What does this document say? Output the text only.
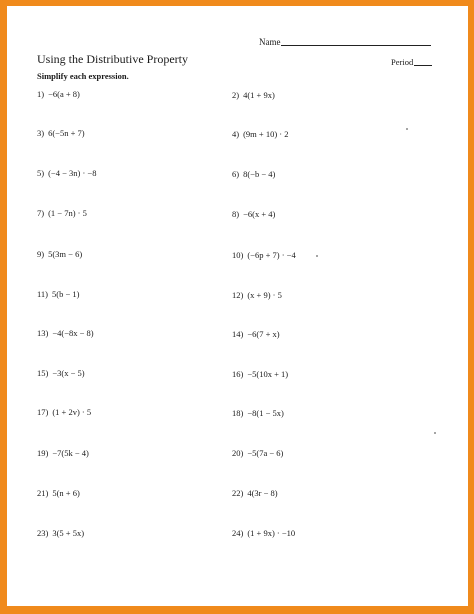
Name
Using the Distributive Property	Period
Simplify each expression.
1) −6(a + 8)	2) 4(1 + 9x)
3) 6(−5n + 7)	4) (9m + 10) · 2
5) (−4 − 3n) · −8	6) 8(−b − 4)
7) (1 − 7n) · 5	8) −6(x + 4)
9) 5(3m − 6)	10) (−6p + 7) · −4
11) 5(b − 1)	12) (x + 9) · 5
13) −4(−8x − 8)	14) −6(7 + x)
15) −3(x − 5)	16) −5(10x + 1)
17) (1 + 2v) · 5	18) −8(1 − 5x)
19) −7(5k − 4)	20) −5(7a − 6)
21) 5(n + 6)	22) 4(3r − 8)
23) 3(5 + 5x)	24) (1 + 9x) · −10
